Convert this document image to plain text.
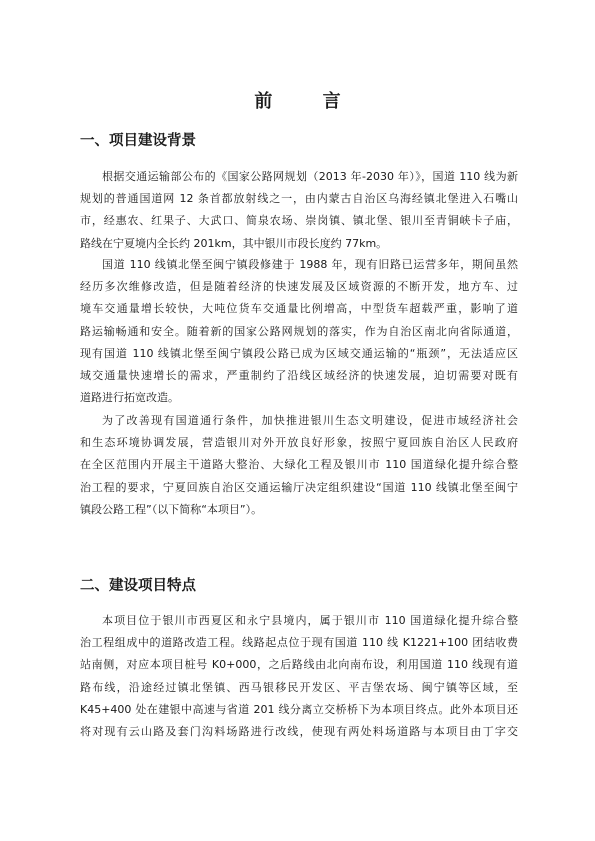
前 言
一、项目建设背景
根据交通运输部公布的《国家公路网规划（2013 年-2030 年）》，国道 110 线为新
规划的普通国道网 12 条首都放射线之一，由内蒙古自治区乌海经镇北堡进入石嘴山
市，经惠农、红果子、大武口、简泉农场、崇岗镇、镇北堡、银川至青铜峡卡子庙，
路线在宁夏境内全长约 201km，其中银川市段长度约 77km。
国道 110 线镇北堡至闽宁镇段修建于 1988 年，现有旧路已运营多年，期间虽然
经历多次维修改造，但是随着经济的快速发展及区域资源的不断开发，地方车、过
境车交通量增长较快，大吨位货车交通量比例增高，中型货车超载严重，影响了道
路运输畅通和安全。随着新的国家公路网规划的落实，作为自治区南北向省际通道，
现有国道 110 线镇北堡至闽宁镇段公路已成为区域交通运输的“瓶颈”，无法适应区
域交通量快速增长的需求，严重制约了沿线区域经济的快速发展，迫切需要对既有
道路进行拓宽改造。
为了改善现有国道通行条件，加快推进银川生态文明建设，促进市域经济社会
和生态环境协调发展，营造银川对外开放良好形象，按照宁夏回族自治区人民政府
在全区范围内开展主干道路大整治、大绿化工程及银川市 110 国道绿化提升综合整
治工程的要求，宁夏回族自治区交通运输厅决定组织建设“国道 110 线镇北堡至闽宁
镇段公路工程”（以下简称“本项目”）。
二、建设项目特点
本项目位于银川市西夏区和永宁县境内，属于银川市 110 国道绿化提升综合整
治工程组成中的道路改造工程。线路起点位于现有国道 110 线 K1221+100 团结收费
站南侧，对应本项目桩号 K0+000，之后路线由北向南布设，利用国道 110 线现有道
路布线，沿途经过镇北堡镇、西马银移民开发区、平吉堡农场、闽宁镇等区域，至
K45+400 处在建银中高速与省道 201 线分离立交桥桥下为本项目终点。此外本项目还
将对现有云山路及套门沟料场路进行改线，使现有两处料场道路与本项目由丁字交
